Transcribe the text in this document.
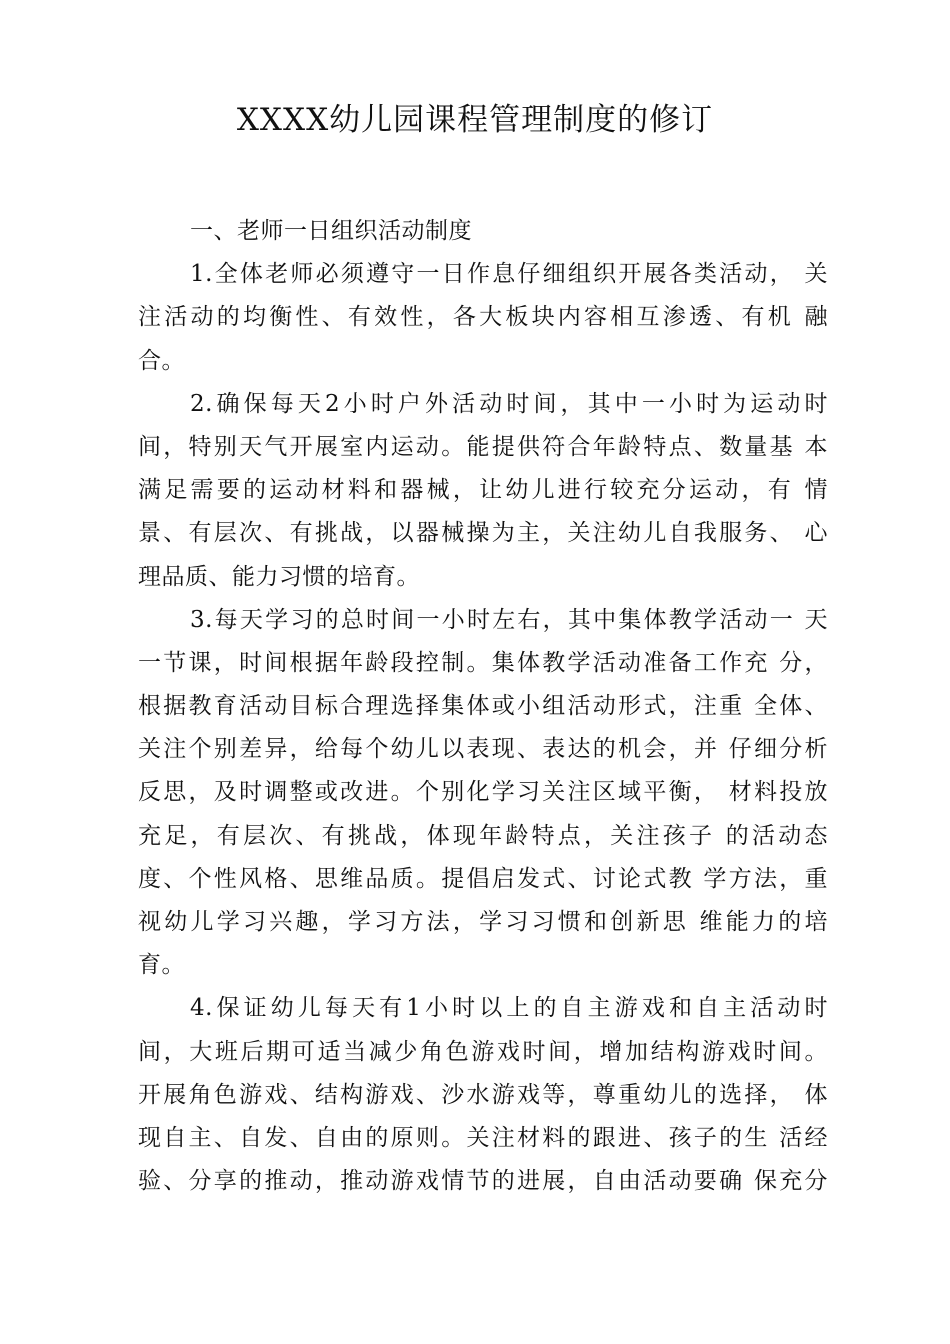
XXXX幼儿园课程管理制度的修订
一、老师一日组织活动制度
1.全体老师必须遵守一日作息仔细组织开展各类活动， 关
注活动的均衡性、有效性，各大板块内容相互渗透、有机 融
合。
2.确保每天2小时户外活动时间，其中一小时为运动时
间，特别天气开展室内运动。能提供符合年龄特点、数量基 本
满足需要的运动材料和器械，让幼儿进行较充分运动，有 情
景、有层次、有挑战，以器械操为主，关注幼儿自我服务、 心
理品质、能力习惯的培育。
3.每天学习的总时间一小时左右，其中集体教学活动一 天
一节课，时间根据年龄段控制。集体教学活动准备工作充 分，
根据教育活动目标合理选择集体或小组活动形式，注重 全体、
关注个别差异，给每个幼儿以表现、表达的机会，并 仔细分析
反思，及时调整或改进。个别化学习关注区域平衡， 材料投放
充足，有层次、有挑战，体现年龄特点，关注孩子 的活动态
度、个性风格、思维品质。提倡启发式、讨论式教 学方法，重
视幼儿学习兴趣，学习方法，学习习惯和创新思 维能力的培
育。
4.保证幼儿每天有1小时以上的自主游戏和自主活动时
间，大班后期可适当减少角色游戏时间，增加结构游戏时间。
开展角色游戏、结构游戏、沙水游戏等，尊重幼儿的选择， 体
现自主、自发、自由的原则。关注材料的跟进、孩子的生 活经
验、分享的推动，推动游戏情节的进展，自由活动要确 保充分
